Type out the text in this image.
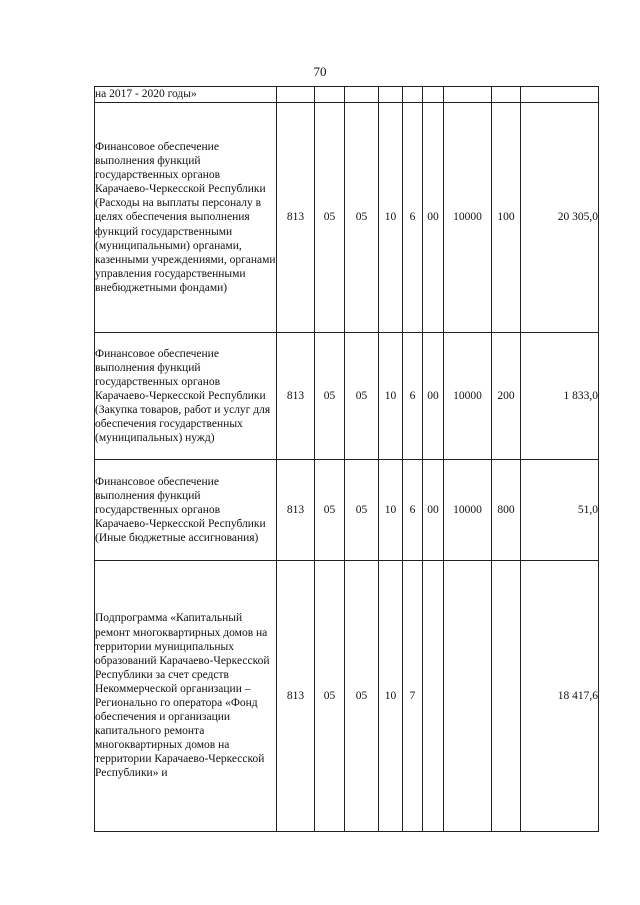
70
на 2017 - 2020 годы»									
Финансовое обеспечение выполнения функций государственных органов Карачаево-Черкесской Республики (Расходы на выплаты персоналу в целях обеспечения выполнения функций государственными (муниципальными) органами, казенными учреждениями, органами управления государственными внебюджетными фондами)	813	05	05	10	6	00	10000	100	20 305,0
Финансовое обеспечение выполнения функций государственных органов Карачаево-Черкесской Республики (Закупка товаров, работ и услуг для обеспечения государственных (муниципальных) нужд)	813	05	05	10	6	00	10000	200	1 833,0
Финансовое обеспечение выполнения функций государственных органов Карачаево-Черкесской Республики (Иные бюджетные ассигнования)	813	05	05	10	6	00	10000	800	51,0
Подпрограмма «Капитальный ремонт многоквартирных домов на территории муниципальных образований Карачаево-Черкесской Республики за счет средств Некоммерческой организации – Регионально го оператора «Фонд обеспечения и организации капитального ремонта многоквартирных домов на территории Карачаево-Черкесской Республики» и	813	05	05	10	7				18 417,6
